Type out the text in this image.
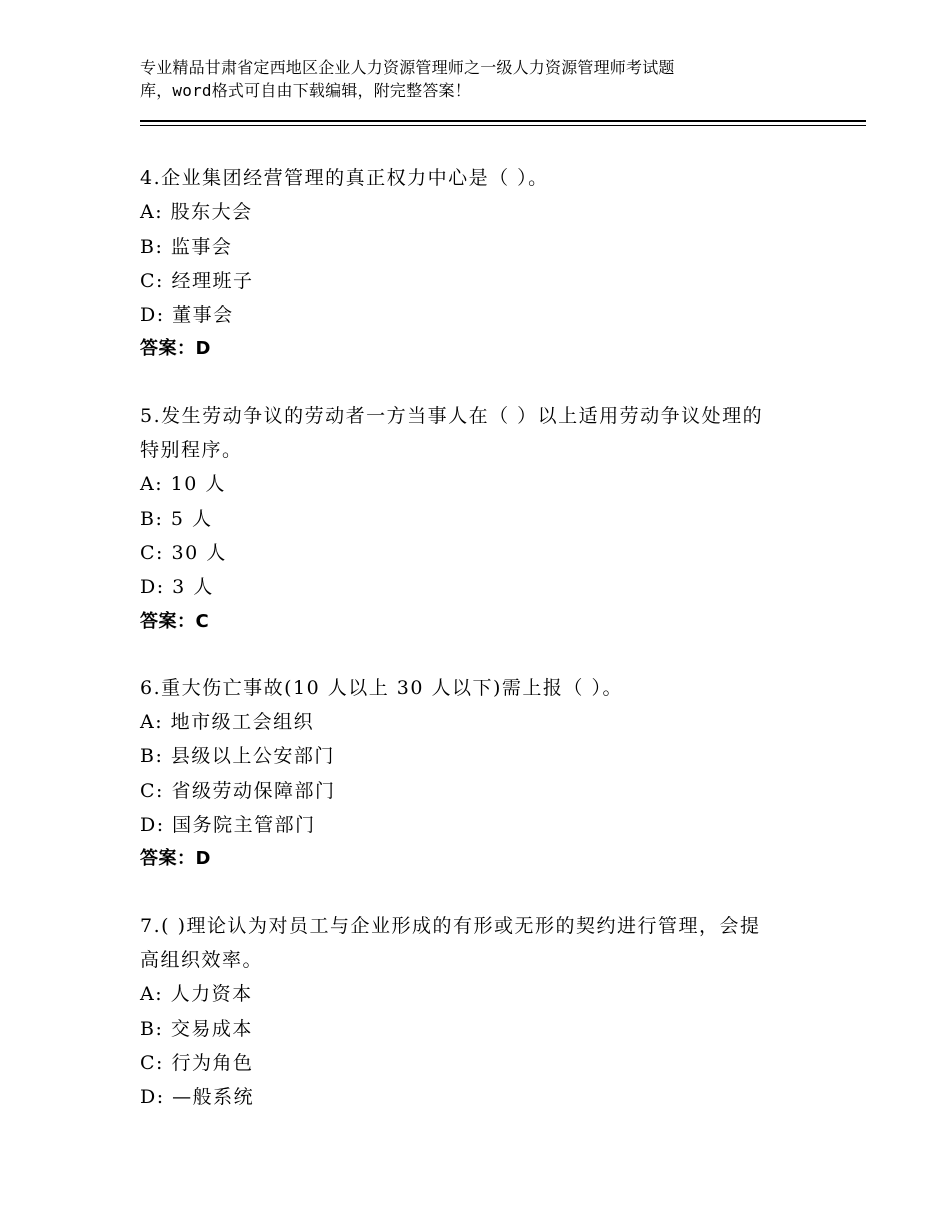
专业精品甘肃省定西地区企业人力资源管理师之一级人力资源管理师考试题

库，word格式可自由下载编辑，附完整答案！

4.企业集团经营管理的真正权力中心是（ ）。

A: 股东大会

B: 监事会

C: 经理班子

D: 董事会

答案：D

5.发生劳动争议的劳动者一方当事人在（ ）以上适用劳动争议处理的

特别程序。

A: 10 人

B: 5 人

C: 30 人

D: 3 人

答案：C

6.重大伤亡事故(10 人以上 30 人以下)需上报（ ）。

A: 地市级工会组织

B: 县级以上公安部门

C: 省级劳动保障部门

D: 国务院主管部门

答案：D

7.( )理论认为对员工与企业形成的有形或无形的契约进行管理，会提

高组织效率。

A: 人力资本

B: 交易成本

C: 行为角色

D: —般系统
